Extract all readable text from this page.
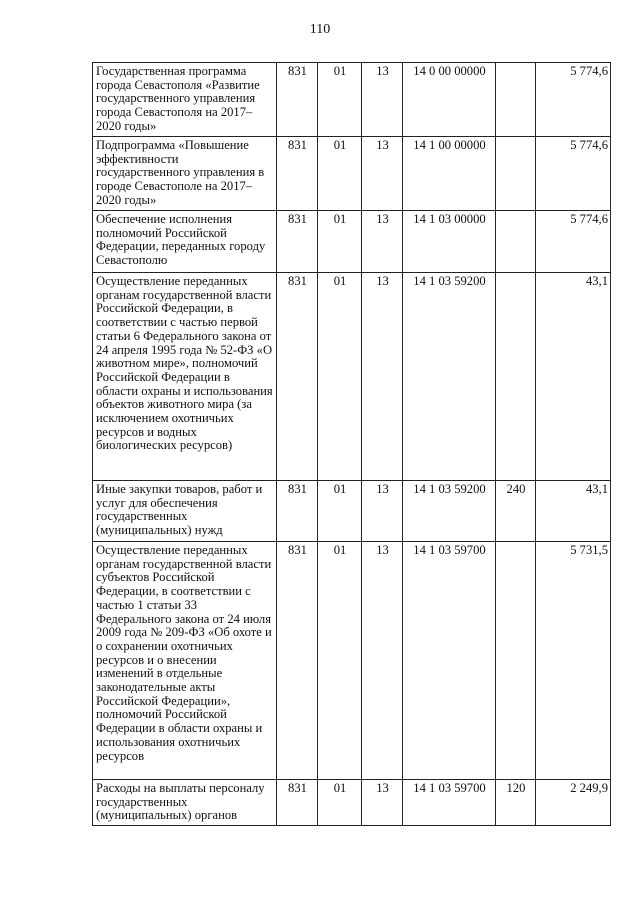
110
Государственная программа города Севастополя «Развитие государственного управления города Севастополя на 2017–2020 годы»	831	01	13	14 0 00 00000		5 774,6
Подпрограмма «Повышение эффективности государственного управления в городе Севастополе на 2017–2020 годы»	831	01	13	14 1 00 00000		5 774,6
Обеспечение исполнения полномочий Российской Федерации, переданных городу Севастополю	831	01	13	14 1 03 00000		5 774,6
Осуществление переданных органам государственной власти Российской Федерации, в соответствии с частью первой статьи 6 Федерального закона от 24 апреля 1995 года № 52-ФЗ «О животном мире», полномочий Российской Федерации в области охраны и использования объектов животного мира (за исключением охотничьих ресурсов и водных биологических ресурсов)	831	01	13	14 1 03 59200		43,1
Иные закупки товаров, работ и услуг для обеспечения государственных (муниципальных) нужд	831	01	13	14 1 03 59200	240	43,1
Осуществление переданных органам государственной власти субъектов Российской Федерации, в соответствии с частью 1 статьи 33 Федерального закона от 24 июля 2009 года № 209-ФЗ «Об охоте и о сохранении охотничьих ресурсов и о внесении изменений в отдельные законодательные акты Российской Федерации», полномочий Российской Федерации в области охраны и использования охотничьих ресурсов	831	01	13	14 1 03 59700		5 731,5
Расходы на выплаты персоналу государственных (муниципальных) органов	831	01	13	14 1 03 59700	120	2 249,9
